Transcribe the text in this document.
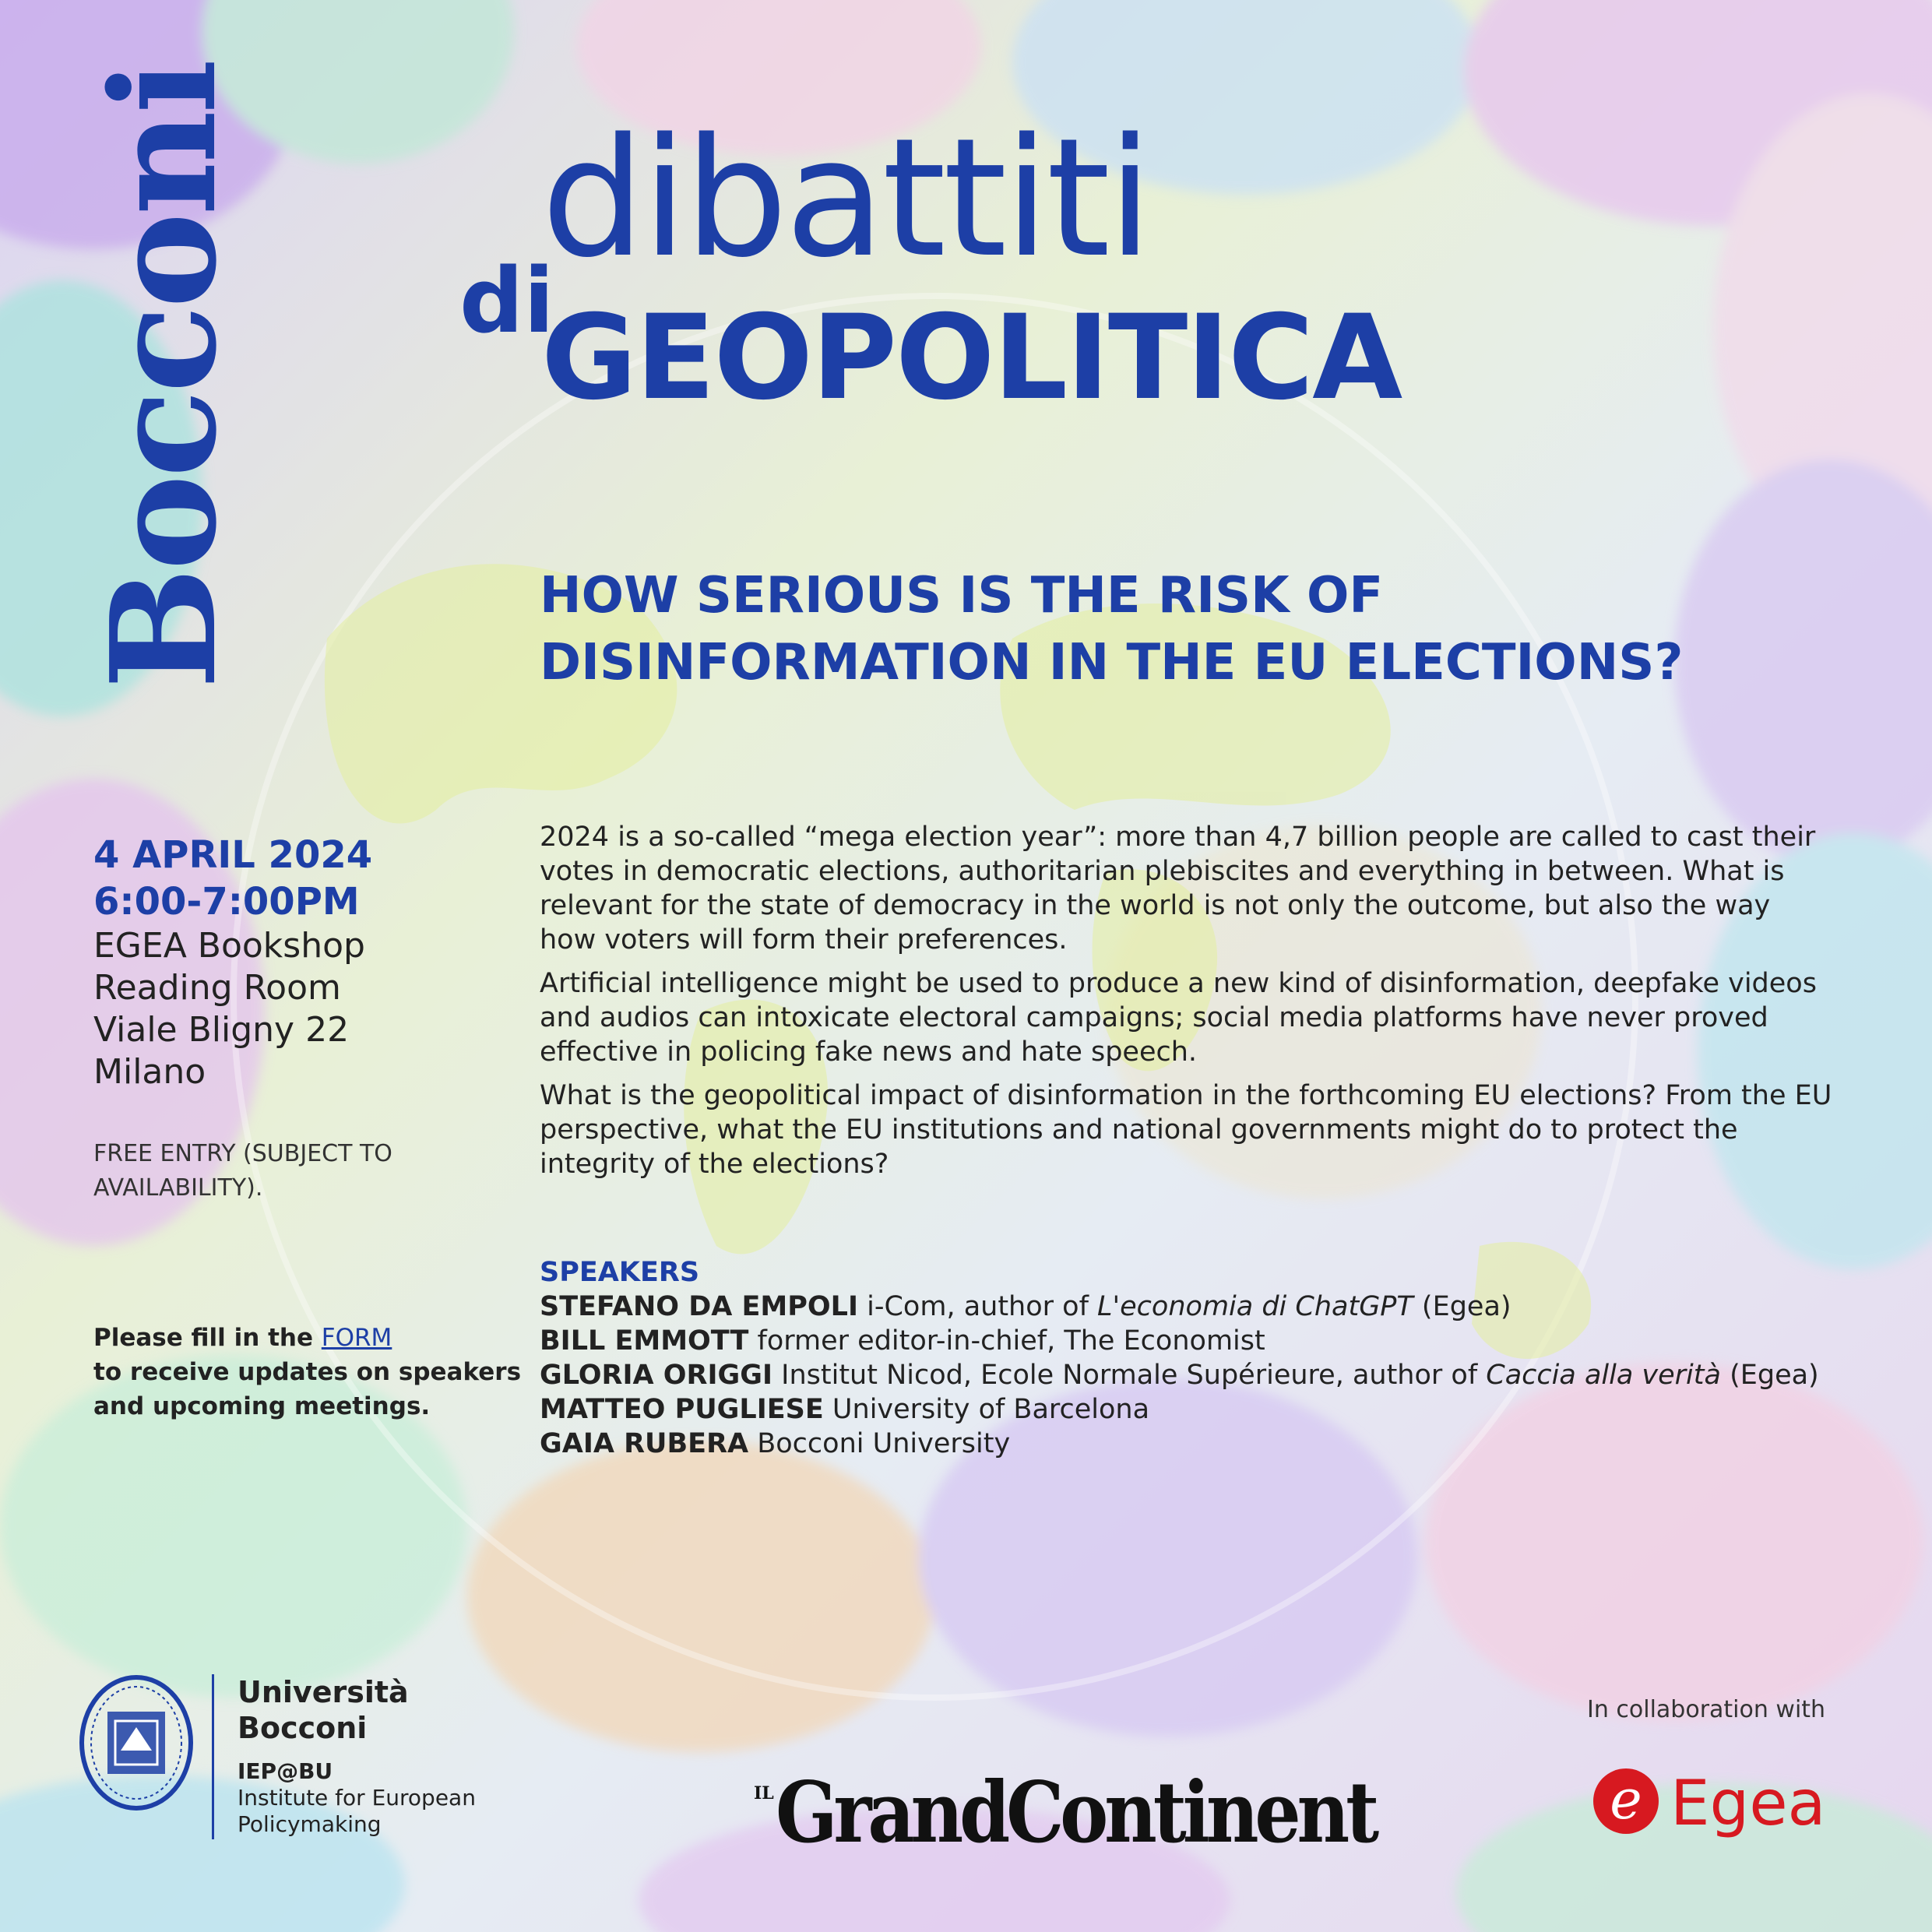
Bocconi dibattiti
di
GEOPOLITICA
HOW SERIOUS IS THE RISK OF DISINFORMATION IN THE EU ELECTIONS?
4 APRIL 2024
6:00-7:00PM
EGEA Bookshop
Reading Room
Viale Bligny 22
Milano
FREE ENTRY (SUBJECT TO AVAILABILITY).
Please fill in the FORM
to receive updates on speakers and upcoming meetings.

2024 is a so-called “mega election year”: more than 4,7 billion people are called to cast their votes in democratic elections, authoritarian plebiscites and everything in between. What is relevant for the state of democracy in the world is not only the outcome, but also the way how voters will form their preferences.

Artificial intelligence might be used to produce a new kind of disinformation, deepfake videos and audios can intoxicate electoral campaigns; social media platforms have never proved effective in policing fake news and hate speech.

What is the geopolitical impact of disinformation in the forthcoming EU elections? From the EU perspective, what the EU institutions and national governments might do to protect the integrity of the elections?

SPEAKERS
STEFANO DA EMPOLI i-Com, author of L'economia di ChatGPT (Egea)
BILL EMMOTT former editor-in-chief, The Economist
GLORIA ORIGGI Institut Nicod, Ecole Normale Supérieure, author of Caccia alla verità (Egea)
MATTEO PUGLIESE University of Barcelona
GAIA RUBERA Bocconi University
Università
Bocconi
IEP@BU
Institute for European
Policymaking
IL GrandContinent
In collaboration with
e Egea
